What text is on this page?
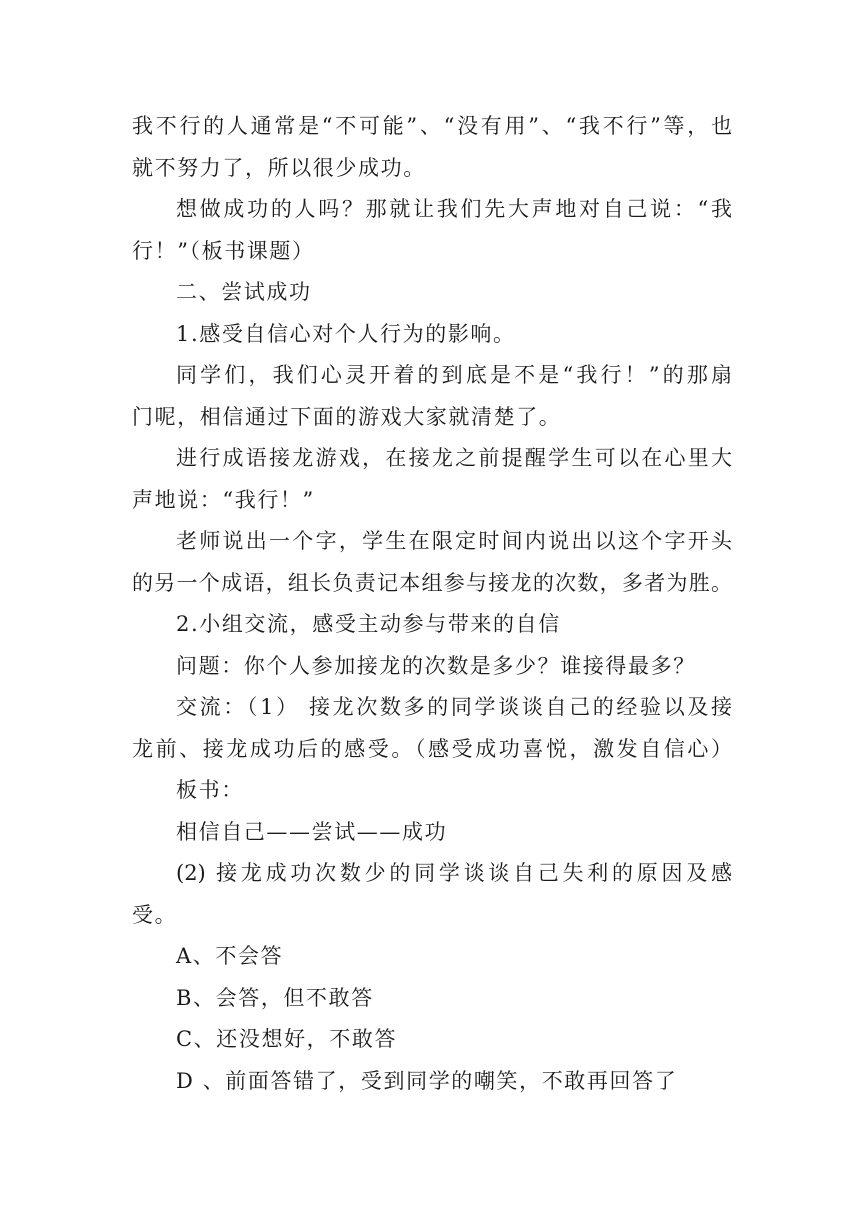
我不行的人通常是“不可能”、“没有用”、“我不行”等，也
就不努力了，所以很少成功。
想做成功的人吗？那就让我们先大声地对自己说：“我
行！”（板书课题）
二、尝试成功
1.感受自信心对个人行为的影响。
同学们，我们心灵开着的到底是不是“我行！”的那扇
门呢，相信通过下面的游戏大家就清楚了。
进行成语接龙游戏，在接龙之前提醒学生可以在心里大
声地说：“我行！”
老师说出一个字，学生在限定时间内说出以这个字开头
的另一个成语，组长负责记本组参与接龙的次数，多者为胜。
2.小组交流，感受主动参与带来的自信
问题：你个人参加接龙的次数是多少？谁接得最多？
交流：（1） 接龙次数多的同学谈谈自己的经验以及接
龙前、接龙成功后的感受。（感受成功喜悦，激发自信心）
板书：
相信自己——尝试——成功
(2) 接龙成功次数少的同学谈谈自己失利的原因及感
受。
A、不会答
B、会答，但不敢答
C、还没想好，不敢答
D 、前面答错了，受到同学的嘲笑，不敢再回答了
